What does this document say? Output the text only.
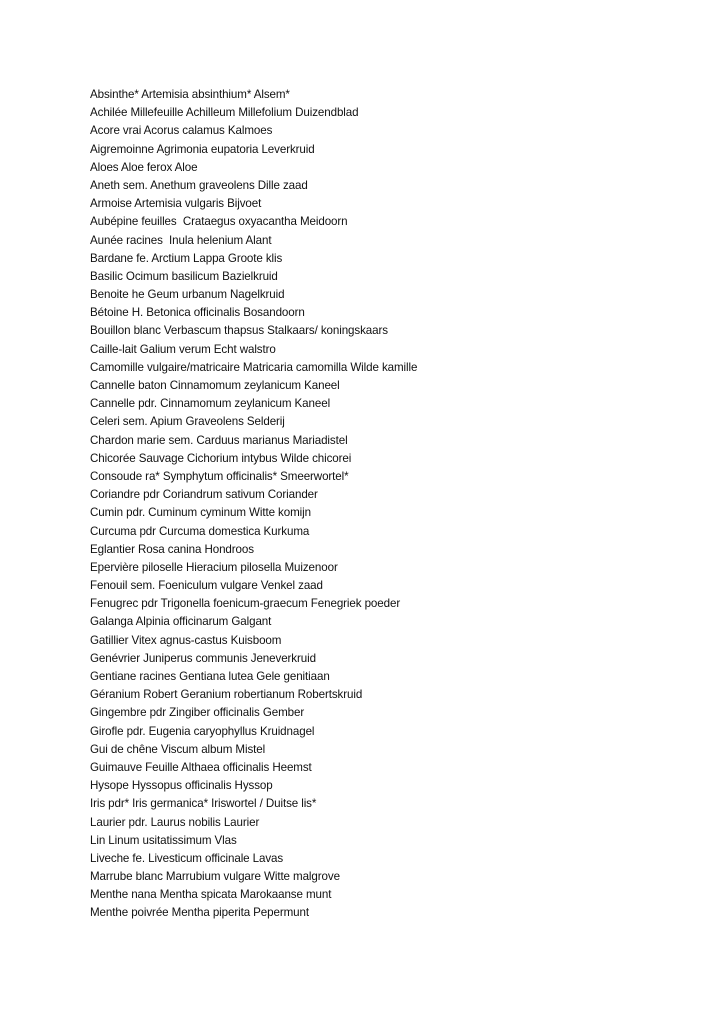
Absinthe* Artemisia absinthium* Alsem*
Achilée Millefeuille Achilleum Millefolium Duizendblad
Acore vrai Acorus calamus Kalmoes
Aigremoinne Agrimonia eupatoria Leverkruid
Aloes Aloe ferox Aloe
Aneth sem. Anethum graveolens Dille zaad
Armoise Artemisia vulgaris Bijvoet
Aubépine feuilles  Crataegus oxyacantha Meidoorn
Aunée racines  Inula helenium Alant
Bardane fe. Arctium Lappa Groote klis
Basilic Ocimum basilicum Bazielkruid
Benoite he Geum urbanum Nagelkruid
Bétoine H. Betonica officinalis Bosandoorn
Bouillon blanc Verbascum thapsus Stalkaars/ koningskaars
Caille-lait Galium verum Echt walstro
Camomille vulgaire/matricaire Matricaria camomilla Wilde kamille
Cannelle baton Cinnamomum zeylanicum Kaneel
Cannelle pdr. Cinnamomum zeylanicum Kaneel
Celeri sem. Apium Graveolens Selderij
Chardon marie sem. Carduus marianus Mariadistel
Chicorée Sauvage Cichorium intybus Wilde chicorei
Consoude ra* Symphytum officinalis* Smeerwortel*
Coriandre pdr Coriandrum sativum Coriander
Cumin pdr. Cuminum cyminum Witte komijn
Curcuma pdr Curcuma domestica Kurkuma
Eglantier Rosa canina Hondroos
Epervière piloselle Hieracium pilosella Muizenoor
Fenouil sem. Foeniculum vulgare Venkel zaad
Fenugrec pdr Trigonella foenicum-graecum Fenegriek poeder
Galanga Alpinia officinarum Galgant
Gatillier Vitex agnus-castus Kuisboom
Genévrier Juniperus communis Jeneverkruid
Gentiane racines Gentiana lutea Gele genitiaan
Géranium Robert Geranium robertianum Robertskruid
Gingembre pdr Zingiber officinalis Gember
Girofle pdr. Eugenia caryophyllus Kruidnagel
Gui de chêne Viscum album Mistel
Guimauve Feuille Althaea officinalis Heemst
Hysope Hyssopus officinalis Hyssop
Iris pdr* Iris germanica* Iriswortel / Duitse lis*
Laurier pdr. Laurus nobilis Laurier
Lin Linum usitatissimum Vlas
Liveche fe. Livesticum officinale Lavas
Marrube blanc Marrubium vulgare Witte malgrove
Menthe nana Mentha spicata Marokaanse munt
Menthe poivrée Mentha piperita Pepermunt
